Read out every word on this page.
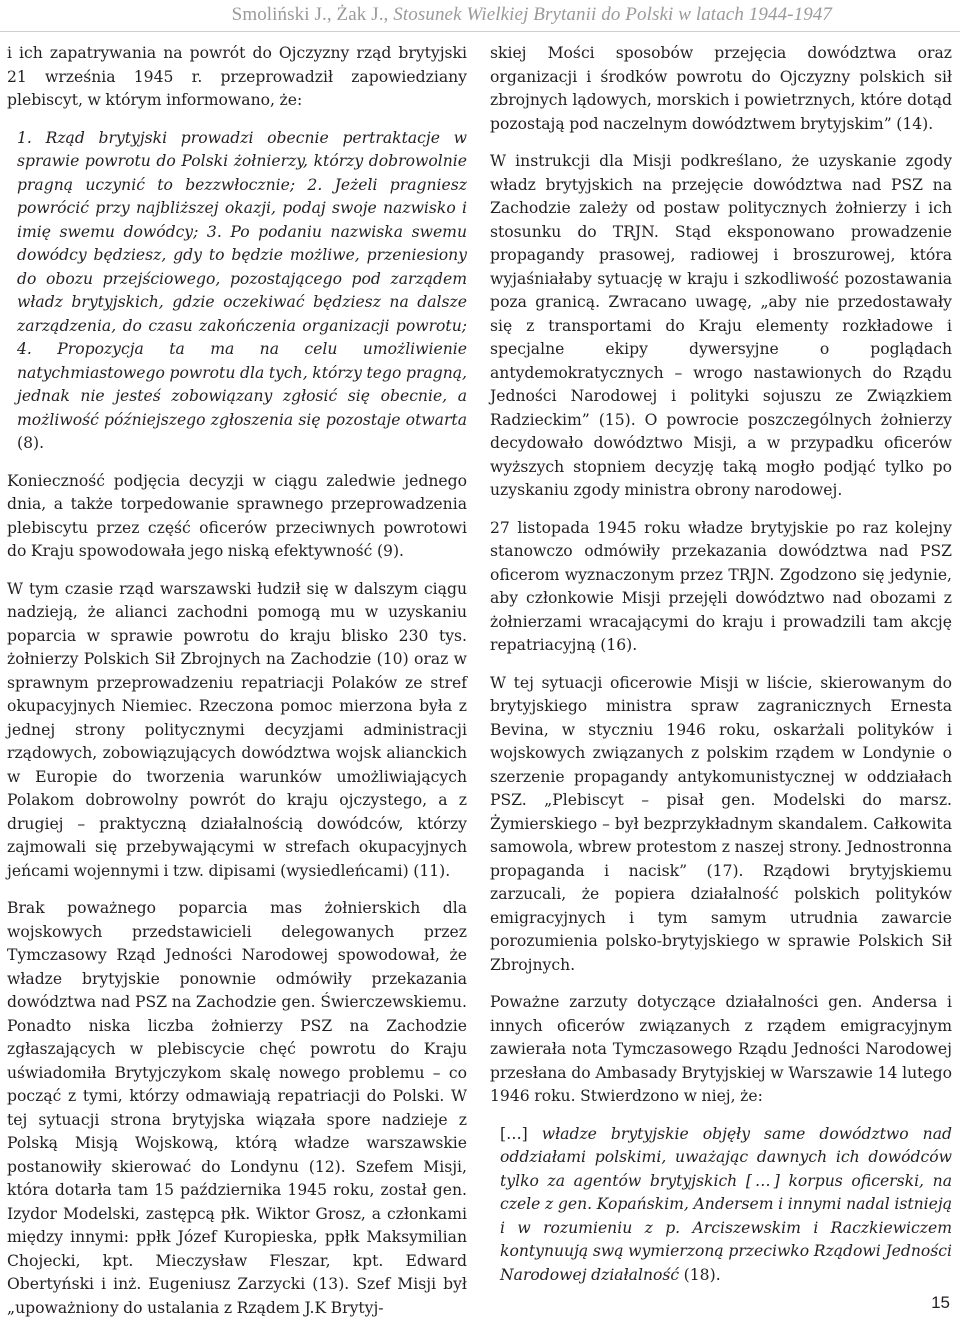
Smoliński J., Żak J., Stosunek Wielkiej Brytanii do Polski w latach 1944-1947

i ich zapatrywania na powrót do Ojczyzny rząd brytyjski 21 września 1945 r. przeprowadził zapowiedziany plebiscyt, w którym informowano, że:

1. Rząd brytyjski prowadzi obecnie pertraktacje w sprawie powrotu do Polski żołnierzy, którzy dobrowolnie pragną uczynić to bezzwłocznie; 2. Jeżeli pragniesz powrócić przy najbliższej okazji, podaj swoje nazwisko i imię swemu dowódcy; 3. Po podaniu nazwiska swemu dowódcy będziesz, gdy to będzie możliwe, przeniesiony do obozu przejściowego, pozostającego pod zarządem władz brytyjskich, gdzie oczekiwać będziesz na dalsze zarządzenia, do czasu zakończenia organizacji powrotu; 4. Propozycja ta ma na celu umożliwienie natychmiastowego powrotu dla tych, którzy tego pragną, jednak nie jesteś zobowiązany zgłosić się obecnie, a możliwość późniejszego zgłoszenia się pozostaje otwarta (8).

Konieczność podjęcia decyzji w ciągu zaledwie jednego dnia, a także torpedowanie sprawnego przeprowadzenia plebiscytu przez część oficerów przeciwnych powrotowi do Kraju spowodowała jego niską efektywność (9).

W tym czasie rząd warszawski łudził się w dalszym ciągu nadzieją, że alianci zachodni pomogą mu w uzyskaniu poparcia w sprawie powrotu do kraju blisko 230 tys. żołnierzy Polskich Sił Zbrojnych na Zachodzie (10) oraz w sprawnym przeprowadzeniu repatriacji Polaków ze stref okupacyjnych Niemiec. Rzeczona pomoc mierzona była z jednej strony politycznymi decyzjami administracji rządowych, zobowiązujących dowództwa wojsk alianckich w Europie do tworzenia warunków umożliwiających Polakom dobrowolny powrót do kraju ojczystego, a z drugiej – praktyczną działalnością dowódców, którzy zajmowali się przebywającymi w strefach okupacyjnych jeńcami wojennymi i tzw. dipisami (wysiedleńcami) (11).

Brak poważnego poparcia mas żołnierskich dla wojskowych przedstawicieli delegowanych przez Tymczasowy Rząd Jedności Narodowej spowodował, że władze brytyjskie ponownie odmówiły przekazania dowództwa nad PSZ na Zachodzie gen. Świerczewskiemu. Ponadto niska liczba żołnierzy PSZ na Zachodzie zgłaszających w plebiscycie chęć powrotu do Kraju uświadomiła Brytyjczykom skalę nowego problemu – co począć z tymi, którzy odmawiają repatriacji do Polski. W tej sytuacji strona brytyjska wiązała spore nadzieje z Polską Misją Wojskową, którą władze warszawskie postanowiły skierować do Londynu (12). Szefem Misji, która dotarła tam 15 października 1945 roku, został gen. Izydor Modelski, zastępcą płk. Wiktor Grosz, a członkami między innymi: ppłk Józef Kuropieska, ppłk Maksymilian Chojecki, kpt. Mieczysław Fleszar, kpt. Edward Obertyński i inż. Eugeniusz Zarzycki (13). Szef Misji był „upoważniony do ustalania z Rządem J.K Brytyj-

skiej Mości sposobów przejęcia dowództwa oraz organizacji i środków powrotu do Ojczyzny polskich sił zbrojnych lądowych, morskich i powietrznych, które dotąd pozostają pod naczelnym dowództwem brytyjskim” (14).

W instrukcji dla Misji podkreślano, że uzyskanie zgody władz brytyjskich na przejęcie dowództwa nad PSZ na Zachodzie zależy od postaw politycznych żołnierzy i ich stosunku do TRJN. Stąd eksponowano prowadzenie propagandy prasowej, radiowej i broszurowej, która wyjaśniałaby sytuację w kraju i szkodliwość pozostawania poza granicą. Zwracano uwagę, „aby nie przedostawały się z transportami do Kraju elementy rozkładowe i specjalne ekipy dywersyjne o poglądach antydemokratycznych – wrogo nastawionych do Rządu Jedności Narodowej i polityki sojuszu ze Związkiem Radzieckim” (15). O powrocie poszczególnych żołnierzy decydowało dowództwo Misji, a w przypadku oficerów wyższych stopniem decyzję taką mogło podjąć tylko po uzyskaniu zgody ministra obrony narodowej.

27 listopada 1945 roku władze brytyjskie po raz kolejny stanowczo odmówiły przekazania dowództwa nad PSZ oficerom wyznaczonym przez TRJN. Zgodzono się jedynie, aby członkowie Misji przejęli dowództwo nad obozami z żołnierzami wracającymi do kraju i prowadzili tam akcję repatriacyjną (16).

W tej sytuacji oficerowie Misji w liście, skierowanym do brytyjskiego ministra spraw zagranicznych Ernesta Bevina, w styczniu 1946 roku, oskarżali polityków i wojskowych związanych z polskim rządem w Londynie o szerzenie propagandy antykomunistycznej w oddziałach PSZ. „Plebiscyt – pisał gen. Modelski do marsz. Żymierskiego – był bezprzykładnym skandalem. Całkowita samowola, wbrew protestom z naszej strony. Jednostronna propaganda i nacisk” (17). Rządowi brytyjskiemu zarzucali, że popiera działalność polskich polityków emigracyjnych i tym samym utrudnia zawarcie porozumienia polsko-brytyjskiego w sprawie Polskich Sił Zbrojnych.

Poważne zarzuty dotyczące działalności gen. Andersa i innych oficerów związanych z rządem emigracyjnym zawierała nota Tymczasowego Rządu Jedności Narodowej przesłana do Ambasady Brytyjskiej w Warszawie 14 lutego 1946 roku. Stwierdzono w niej, że:

[…] władze brytyjskie objęły same dowództwo nad oddziałami polskimi, uważając dawnych ich dowódców tylko za agentów brytyjskich [ … ] korpus oficerski, na czele z gen. Kopańskim, Andersem i innymi nadal istnieją i w rozumieniu z p. Arciszewskim i Raczkiewiczem kontynuują swą wymierzoną przeciwko Rządowi Jedności Narodowej działalność (18).

15
